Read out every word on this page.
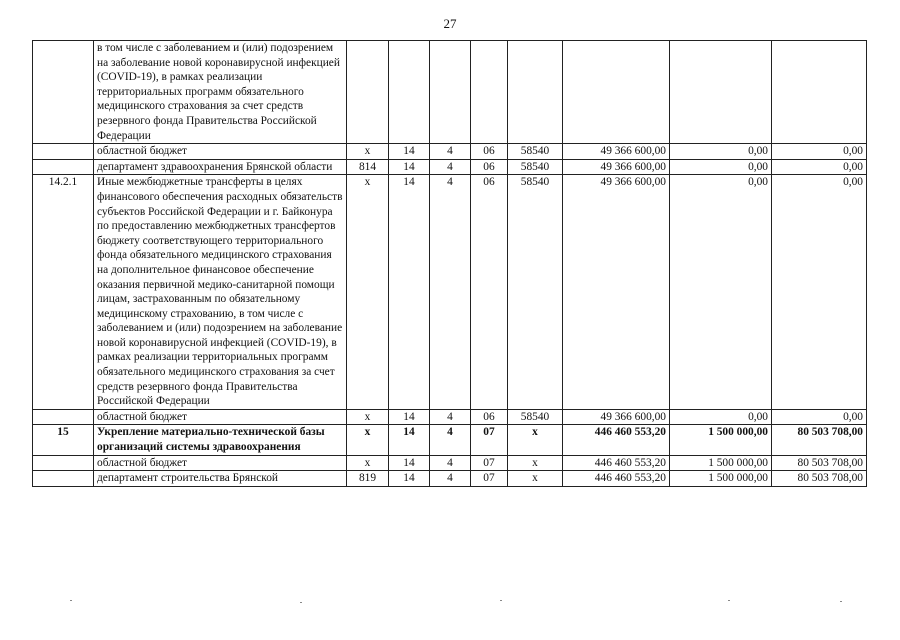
27
	в том числе с заболеванием и (или) подозрением на заболевание новой коронавирусной инфекцией (COVID-19), в рамках реализации территориальных программ обязательного медицинского страхования за счет средств резервного фонда Правительства Российской Федерации								
	областной бюджет	x	14	4	06	58540	49 366 600,00	0,00	0,00
	департамент здравоохранения Брянской области	814	14	4	06	58540	49 366 600,00	0,00	0,00
14.2.1	Иные межбюджетные трансферты в целях финансового обеспечения расходных обязательств субъектов Российской Федерации и г. Байконура по предоставлению межбюджетных трансфертов бюджету соответствующего территориального фонда обязательного медицинского страхования на дополнительное финансовое обеспечение оказания первичной медико-санитарной помощи лицам, застрахованным по обязательному медицинскому страхованию, в том числе с заболеванием и (или) подозрением на заболевание новой коронавирусной инфекцией (COVID-19), в рамках реализации территориальных программ обязательного медицинского страхования за счет средств резервного фонда Правительства Российской Федерации	x	14	4	06	58540	49 366 600,00	0,00	0,00
	областной бюджет	x	14	4	06	58540	49 366 600,00	0,00	0,00
15	Укрепление материально-технической базы организаций системы здравоохранения	x	14	4	07	x	446 460 553,20	1 500 000,00	80 503 708,00
	областной бюджет	x	14	4	07	x	446 460 553,20	1 500 000,00	80 503 708,00
	департамент строительства Брянской	819	14	4	07	x	446 460 553,20	1 500 000,00	80 503 708,00
